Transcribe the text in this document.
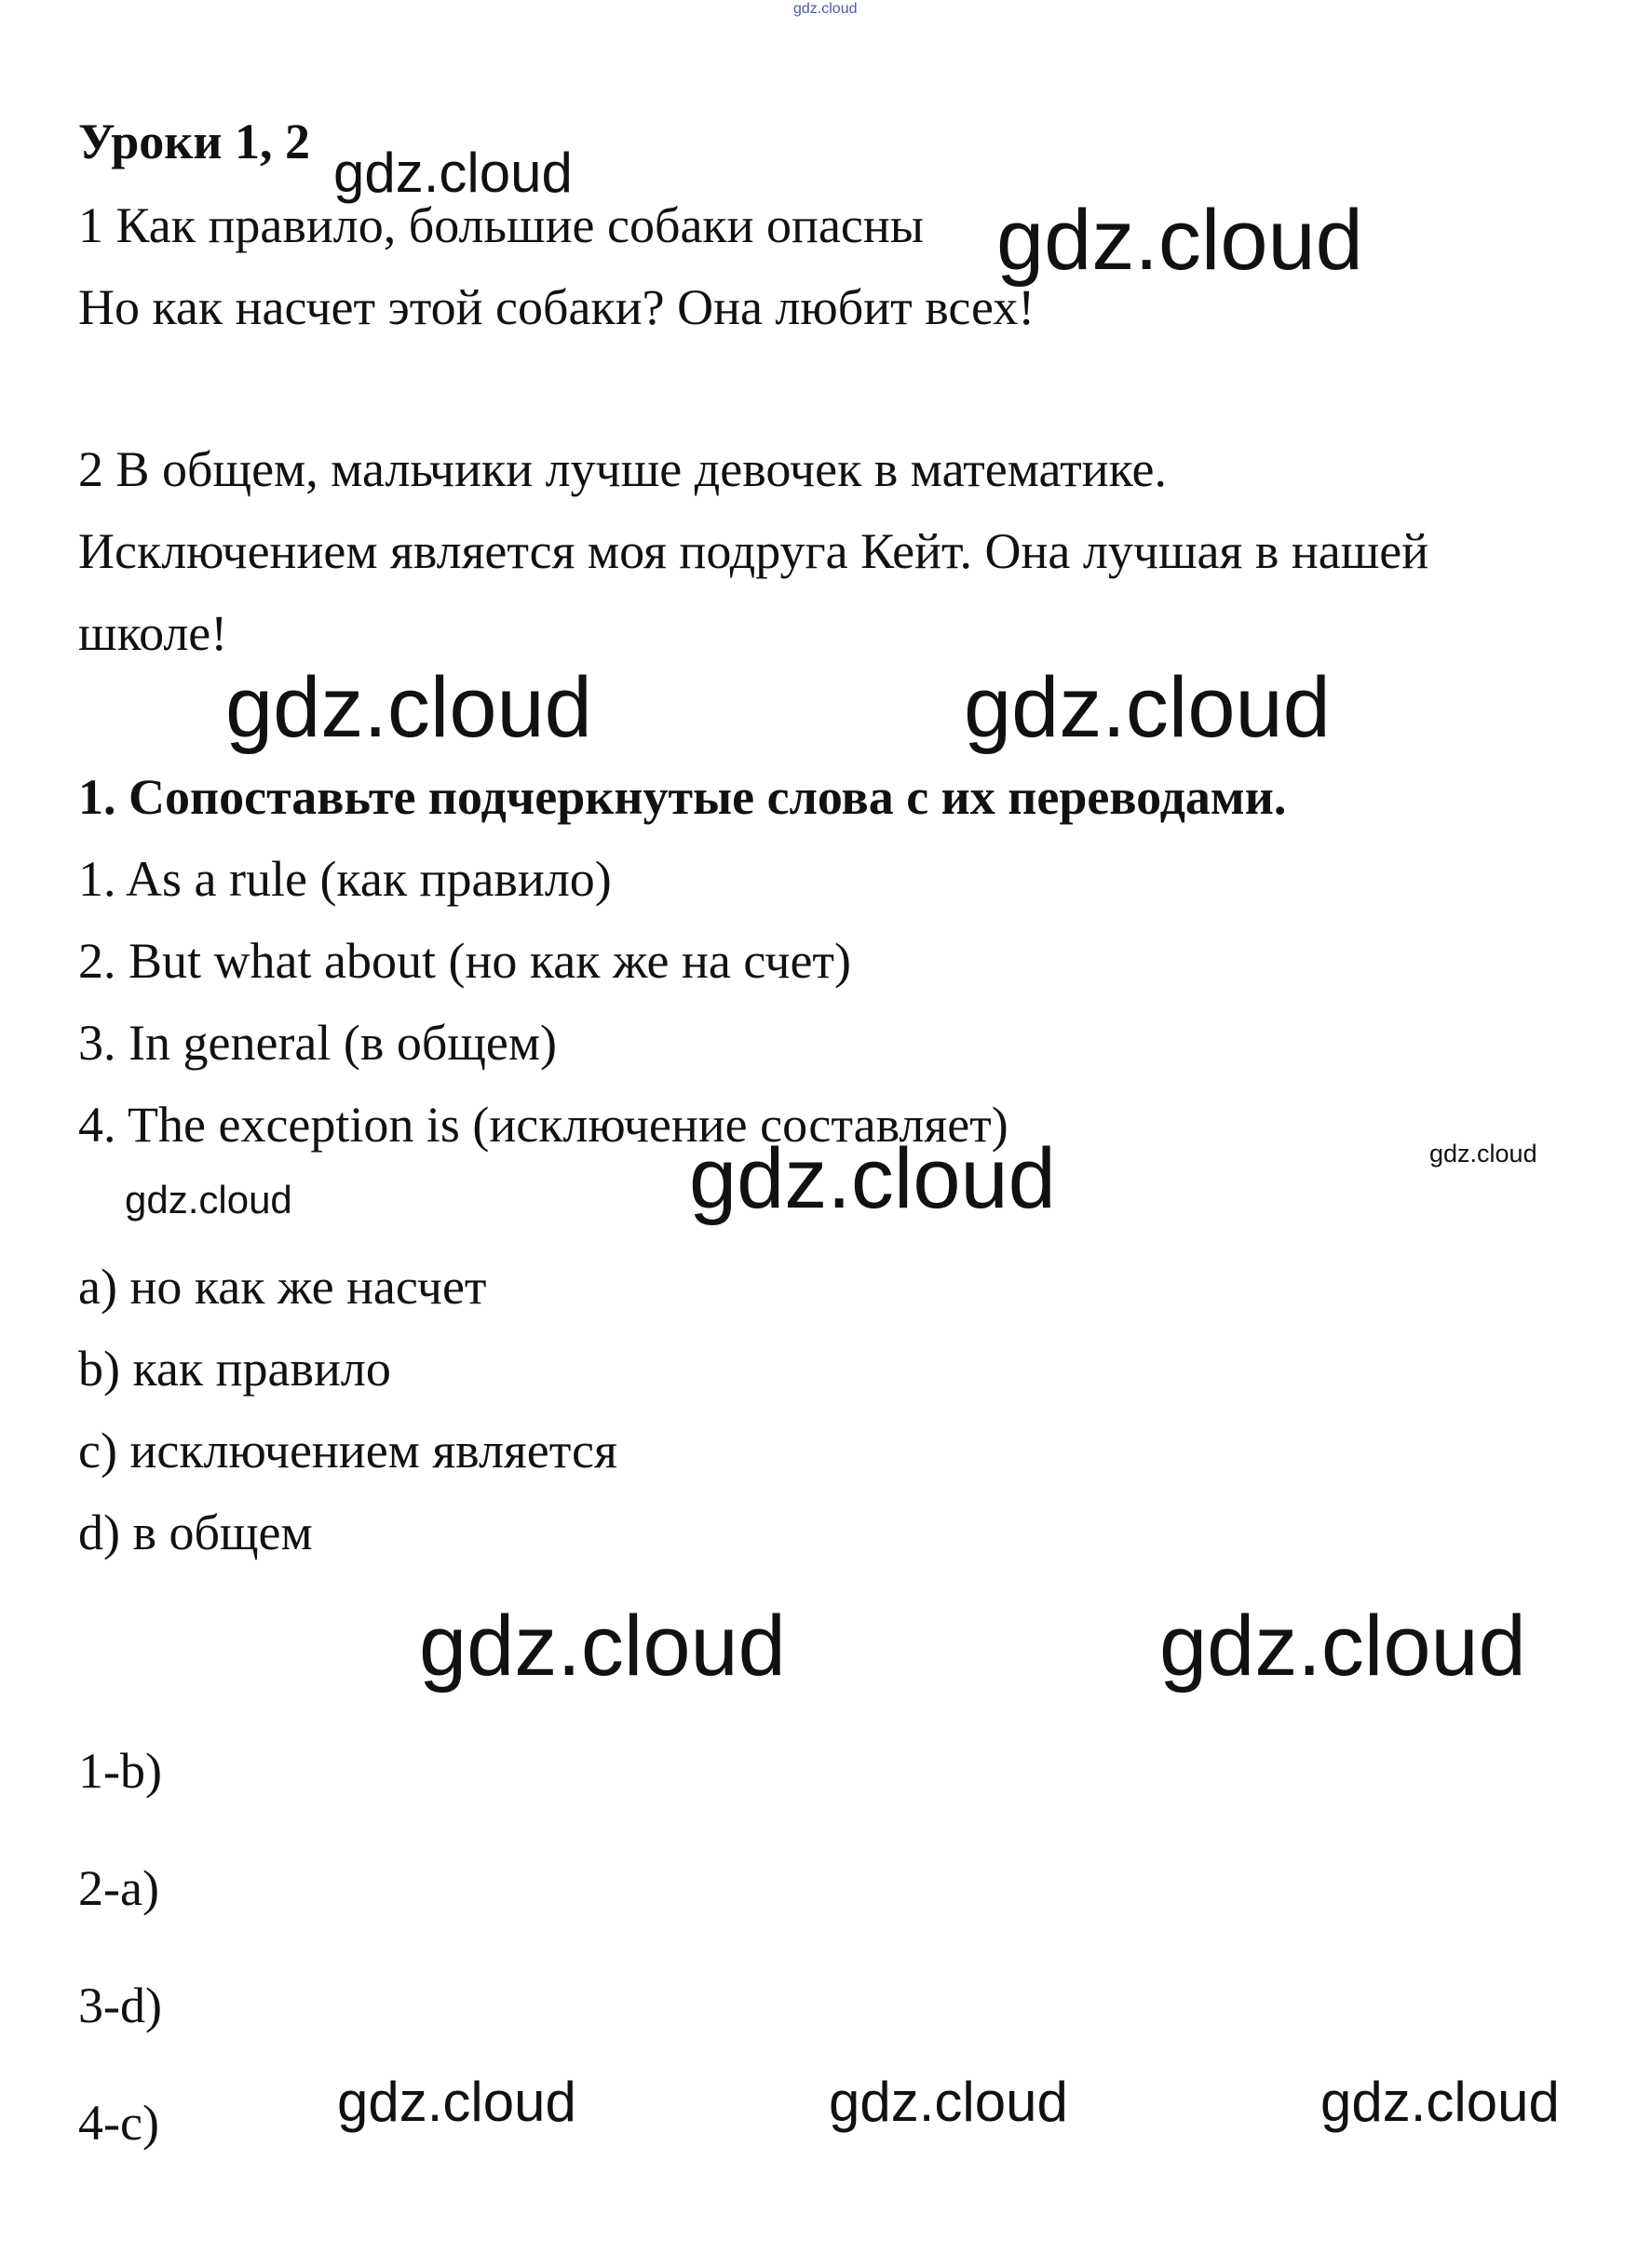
gdz.cloud
Уроки 1, 2 gdz.cloud
1 Как правило, большие собаки опасны gdz.cloud
Но как насчет этой собаки? Она любит всех!
2 В общем, мальчики лучше девочек в математике.
Исключением является моя подруга Кейт. Она лучшая в нашей
школе!
gdz.cloud	gdz.cloud
1. Сопоставьте подчеркнутые слова с их переводами.
1. As a rule (как правило)
2. But what about (но как же на счет)
3. In general (в общем)
4. The exception is (исключение составляет)
gdz.cloud	gdz.cloud
gdz.cloud
а) но как же насчет
b) как правило
c) исключением является
d) в общем
gdz.cloud	gdz.cloud
1-b)
2-a)
3-d)
4-c)	gdz.cloud	gdz.cloud	gdz.cloud
